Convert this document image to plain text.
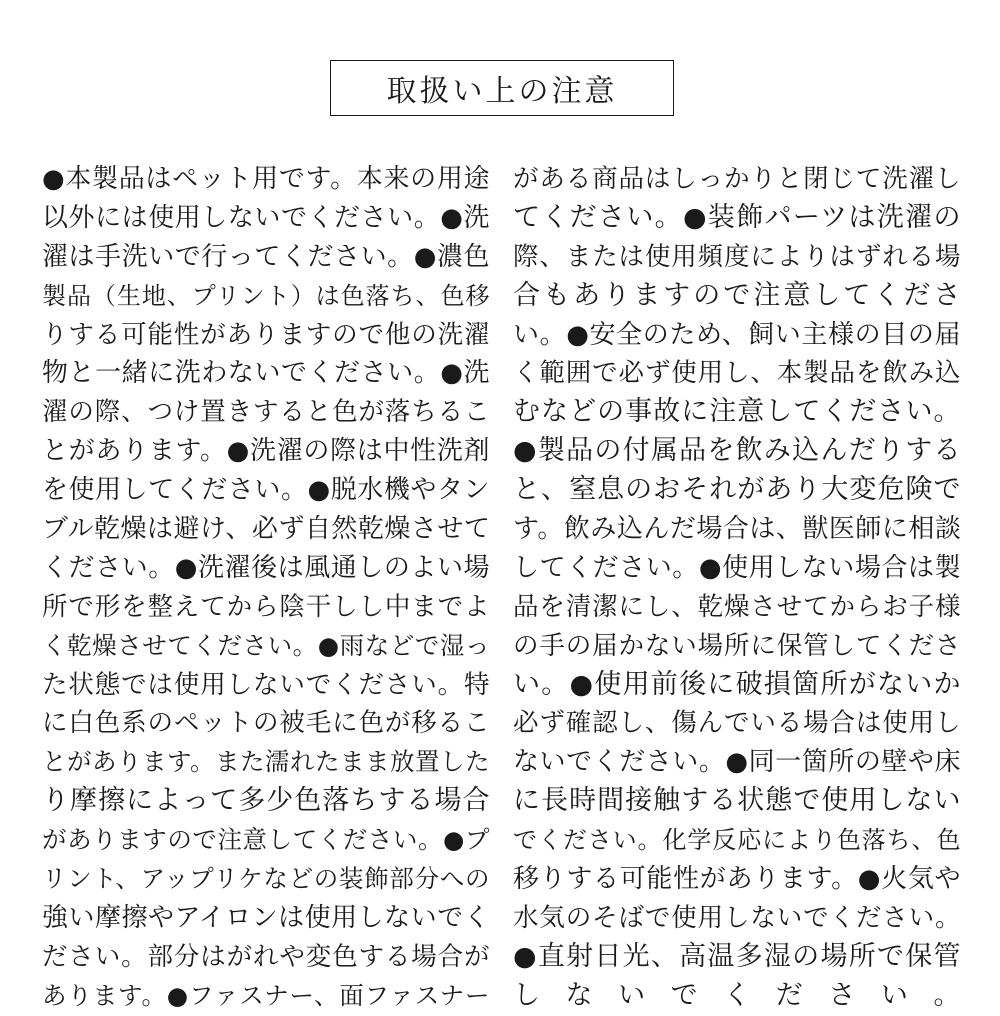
取扱い上の注意
●本製品はペット用です。本来の用途
以外には使用しないでください。●洗
濯は手洗いで行ってください。●濃色
製品（生地、プリント）は色落ち、色移
りする可能性がありますので他の洗濯
物と一緒に洗わないでください。●洗
濯の際、つけ置きすると色が落ちるこ
とがあります。●洗濯の際は中性洗剤
を使用してください。●脱水機やタン
ブル乾燥は避け、必ず自然乾燥させて
ください。●洗濯後は風通しのよい場
所で形を整えてから陰干しし中までよ
く乾燥させてください。●雨などで湿っ
た状態では使用しないでください。特
に白色系のペットの被毛に色が移るこ
とがあります。また濡れたまま放置した
り摩擦によって多少色落ちする場合
がありますので注意してください。●プ
リント、アップリケなどの装飾部分への
強い摩擦やアイロンは使用しないでく
ださい。部分はがれや変色する場合が
あります。●ファスナー、面ファスナー
がある商品はしっかりと閉じて洗濯し
てください。●装飾パーツは洗濯の
際、または使用頻度によりはずれる場
合もありますので注意してくださ
い。●安全のため、飼い主様の目の届
く範囲で必ず使用し、本製品を飲み込
むなどの事故に注意してください。
●製品の付属品を飲み込んだりする
と、窒息のおそれがあり大変危険で
す。飲み込んだ場合は、獣医師に相談
してください。●使用しない場合は製
品を清潔にし、乾燥させてからお子様
の手の届かない場所に保管してくださ
い。●使用前後に破損箇所がないか
必ず確認し、傷んでいる場合は使用し
ないでください。●同一箇所の壁や床
に長時間接触する状態で使用しない
でください。化学反応により色落ち、色
移りする可能性があります。●火気や
水気のそばで使用しないでください。
●直射日光、高温多湿の場所で保管
しないでください。
